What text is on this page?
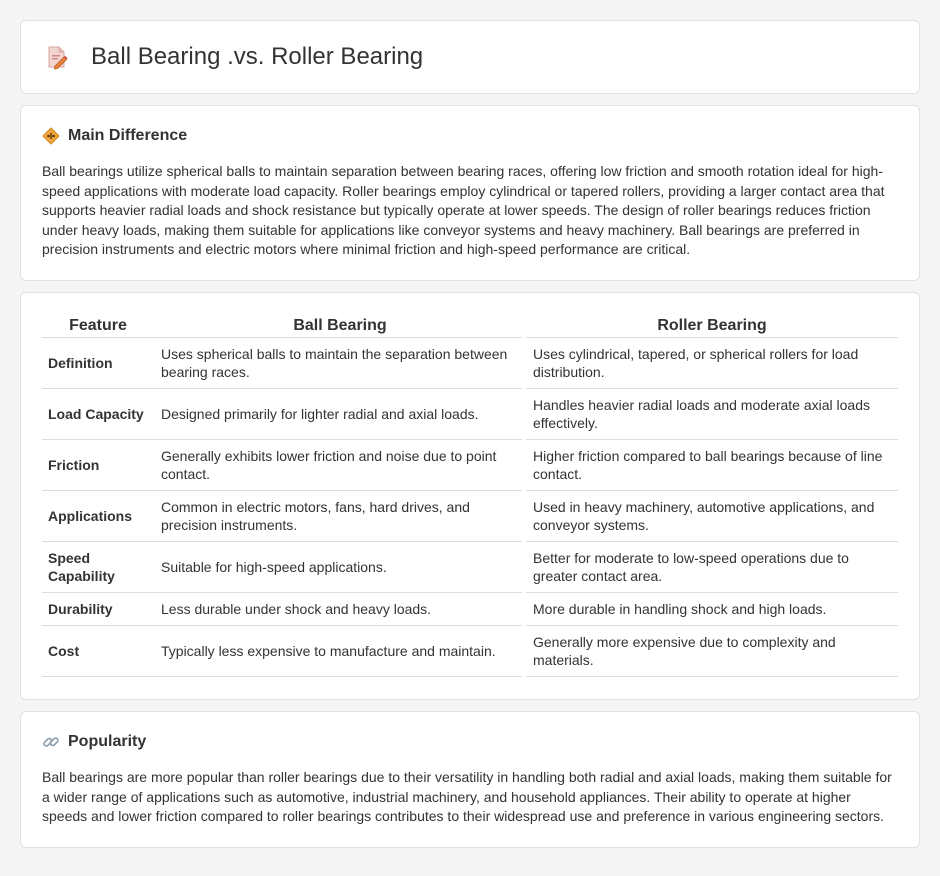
Ball Bearing .vs. Roller Bearing
Main Difference

Ball bearings utilize spherical balls to maintain separation between bearing races, offering low friction and smooth rotation ideal for high-speed applications with moderate load capacity. Roller bearings employ cylindrical or tapered rollers, providing a larger contact area that supports heavier radial loads and shock resistance but typically operate at lower speeds. The design of roller bearings reduces friction under heavy loads, making them suitable for applications like conveyor systems and heavy machinery. Ball bearings are preferred in precision instruments and electric motors where minimal friction and high-speed performance are critical.

Feature	Ball Bearing		Roller Bearing
Definition	Uses spherical balls to maintain the separation between bearing races.		Uses cylindrical, tapered, or spherical rollers for load distribution.
Load Capacity	Designed primarily for lighter radial and axial loads.		Handles heavier radial loads and moderate axial loads effectively.
Friction	Generally exhibits lower friction and noise due to point contact.		Higher friction compared to ball bearings because of line contact.
Applications	Common in electric motors, fans, hard drives, and precision instruments.		Used in heavy machinery, automotive applications, and conveyor systems.
Speed Capability	Suitable for high-speed applications.		Better for moderate to low-speed operations due to greater contact area.
Durability	Less durable under shock and heavy loads.		More durable in handling shock and high loads.
Cost	Typically less expensive to manufacture and maintain.		Generally more expensive due to complexity and materials.
Popularity

Ball bearings are more popular than roller bearings due to their versatility in handling both radial and axial loads, making them suitable for a wider range of applications such as automotive, industrial machinery, and household appliances. Their ability to operate at higher speeds and lower friction compared to roller bearings contributes to their widespread use and preference in various engineering sectors.
